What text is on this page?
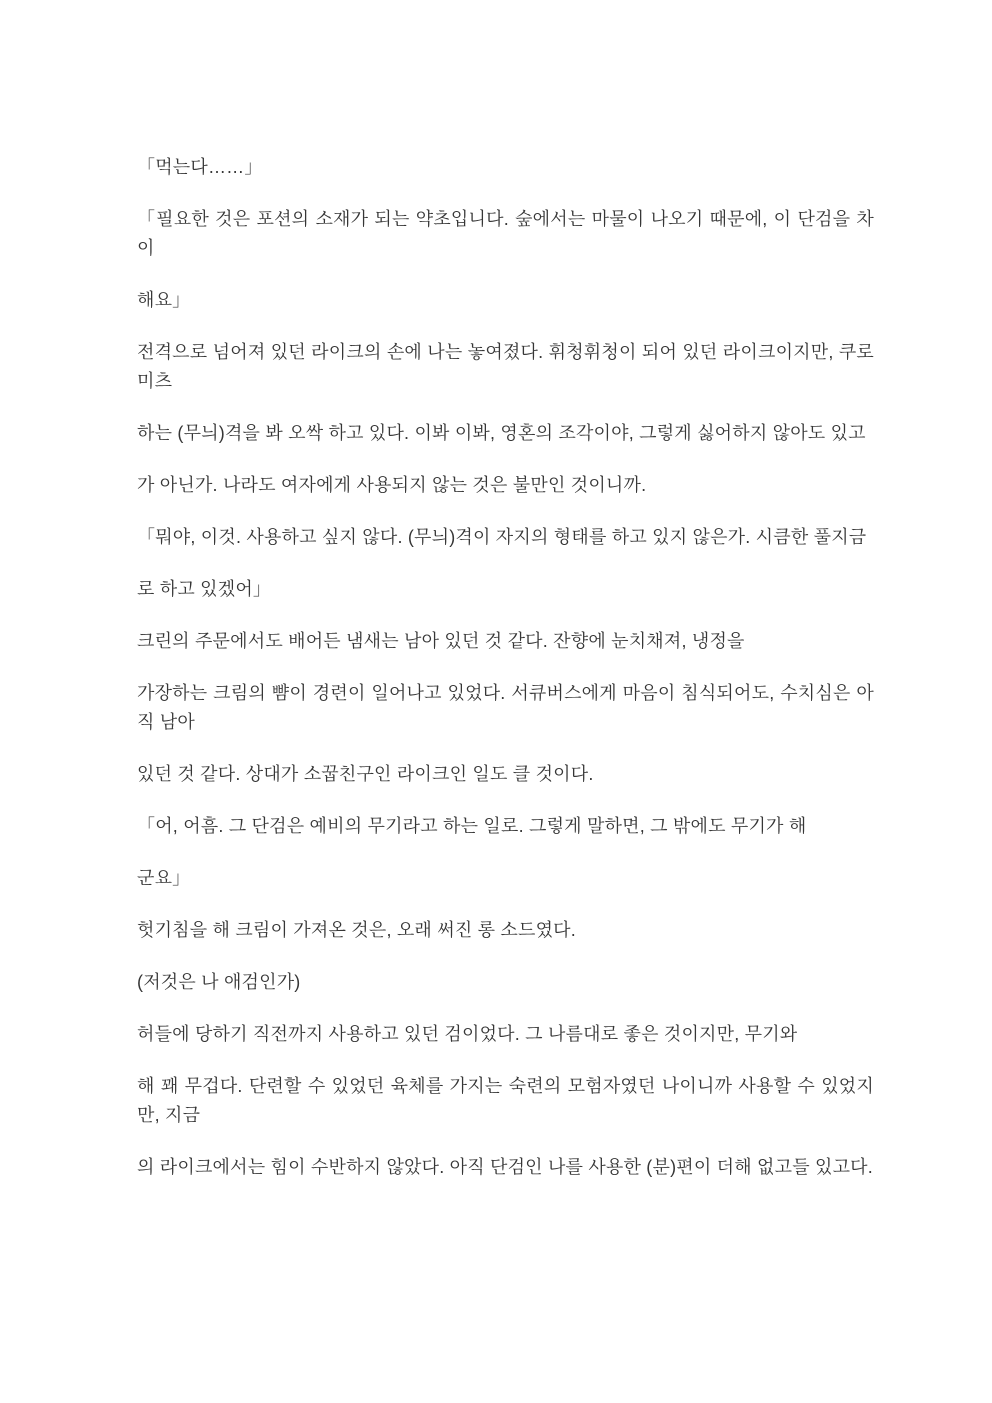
「먹는다……」

「필요한 것은 포션의 소재가 되는 약초입니다. 숲에서는 마물이 나오기 때문에, 이 단검을 차이

해요」

전격으로 넘어져 있던 라이크의 손에 나는 놓여졌다. 휘청휘청이 되어 있던 라이크이지만, 쿠로미츠

하는 (무늬)격을 봐 오싹 하고 있다. 이봐 이봐, 영혼의 조각이야, 그렇게 싫어하지 않아도 있고

가 아닌가. 나라도 여자에게 사용되지 않는 것은 불만인 것이니까.

「뭐야, 이것. 사용하고 싶지 않다. (무늬)격이 자지의 형태를 하고 있지 않은가. 시큼한 풀지금

로 하고 있겠어」

크린의 주문에서도 배어든 냄새는 남아 있던 것 같다. 잔향에 눈치채져, 냉정을

가장하는 크림의 뺨이 경련이 일어나고 있었다. 서큐버스에게 마음이 침식되어도, 수치심은 아직 남아

있던 것 같다. 상대가 소꿉친구인 라이크인 일도 클 것이다.

「어, 어흠. 그 단검은 예비의 무기라고 하는 일로. 그렇게 말하면, 그 밖에도 무기가 해

군요」

헛기침을 해 크림이 가져온 것은, 오래 써진 롱 소드였다.

(저것은 나 애검인가)

허들에 당하기 직전까지 사용하고 있던 검이었다. 그 나름대로 좋은 것이지만, 무기와

해 꽤 무겁다. 단련할 수 있었던 육체를 가지는 숙련의 모험자였던 나이니까 사용할 수 있었지만, 지금

의 라이크에서는 힘이 수반하지 않았다. 아직 단검인 나를 사용한 (분)편이 더해 없고들 있고다.
